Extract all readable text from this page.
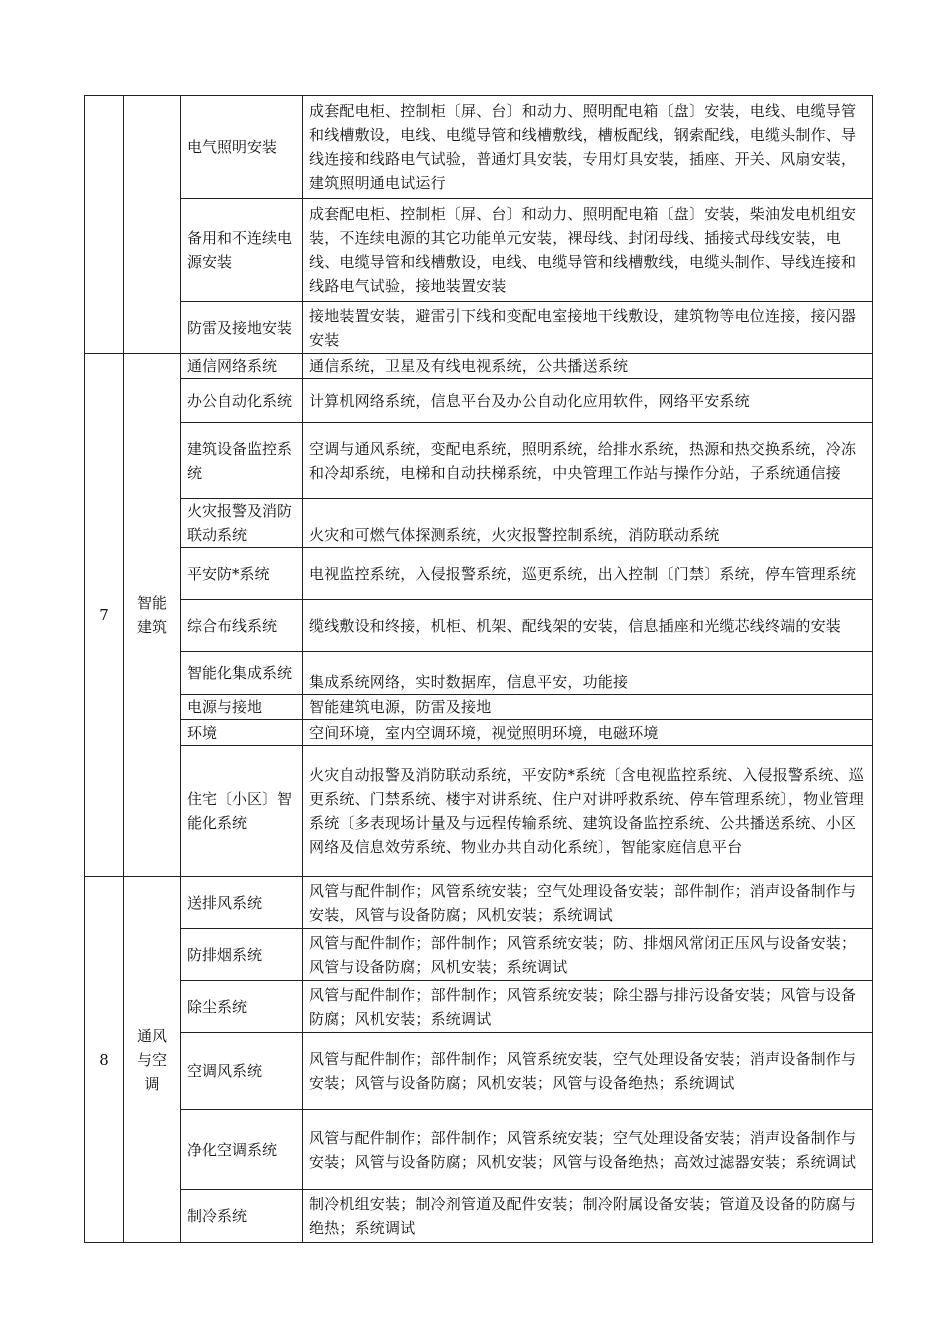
		电气照明安装	成套配电柜、控制柜〔屏、台〕和动力、照明配电箱〔盘〕安装，电线、电缆导管和线槽敷设，电线、电缆导管和线槽敷线，槽板配线，钢索配线，电缆头制作、导线连接和线路电气试验，普通灯具安装，专用灯具安装，插座、开关、风扇安装，建筑照明通电试运行
		备用和不连续电源安装	成套配电柜、控制柜〔屏、台〕和动力、照明配电箱〔盘〕安装，柴油发电机组安装，不连续电源的其它功能单元安装，裸母线、封闭母线、插接式母线安装，电线、电缆导管和线槽敷设，电线、电缆导管和线槽敷线，电缆头制作、导线连接和线路电气试验，接地装置安装
		防雷及接地安装	接地装置安装，避雷引下线和变配电室接地干线敷设，建筑物等电位连接，接闪器安装
7	智能建筑	通信网络系统	通信系统，卫星及有线电视系统，公共播送系统
		办公自动化系统	计算机网络系统，信息平台及办公自动化应用软件，网络平安系统
		建筑设备监控系统	空调与通风系统，变配电系统，照明系统，给排水系统，热源和热交换系统，冷冻和冷却系统，电梯和自动扶梯系统，中央管理工作站与操作分站，子系统通信接
		火灾报警及消防联动系统	火灾和可燃气体探测系统，火灾报警控制系统，消防联动系统
		平安防*系统	电视监控系统，入侵报警系统，巡更系统，出入控制〔门禁〕系统，停车管理系统
		综合布线系统	缆线敷设和终接，机柜、机架、配线架的安装，信息插座和光缆芯线终端的安装
		智能化集成系统	集成系统网络，实时数据库，信息平安，功能接
		电源与接地	智能建筑电源，防雷及接地
		环境	空间环境，室内空调环境，视觉照明环境，电磁环境
		住宅〔小区〕智能化系统	火灾自动报警及消防联动系统，平安防*系统〔含电视监控系统、入侵报警系统、巡更系统、门禁系统、楼宇对讲系统、住户对讲呼救系统、停车管理系统〕，物业管理系统〔多表现场计量及与远程传输系统、建筑设备监控系统、公共播送系统、小区网络及信息效劳系统、物业办共自动化系统〕，智能家庭信息平台
8	通风与空调	送排风系统	风管与配件制作；风管系统安装；空气处理设备安装；部件制作；消声设备制作与安装，风管与设备防腐；风机安装；系统调试
		防排烟系统	风管与配件制作；部件制作；风管系统安装；防、排烟风常闭正压风与设备安装；风管与设备防腐；风机安装；系统调试
		除尘系统	风管与配件制作；部件制作；风管系统安装；除尘器与排污设备安装；风管与设备防腐；风机安装；系统调试
		空调风系统	风管与配件制作；部件制作；风管系统安装，空气处理设备安装；消声设备制作与安装；风管与设备防腐；风机安装；风管与设备绝热；系统调试
		净化空调系统	风管与配件制作；部件制作；风管系统安装；空气处理设备安装；消声设备制作与安装；风管与设备防腐；风机安装；风管与设备绝热；高效过滤器安装；系统调试
		制冷系统	制冷机组安装；制冷剂管道及配件安装；制冷附属设备安装；管道及设备的防腐与绝热；系统调试
